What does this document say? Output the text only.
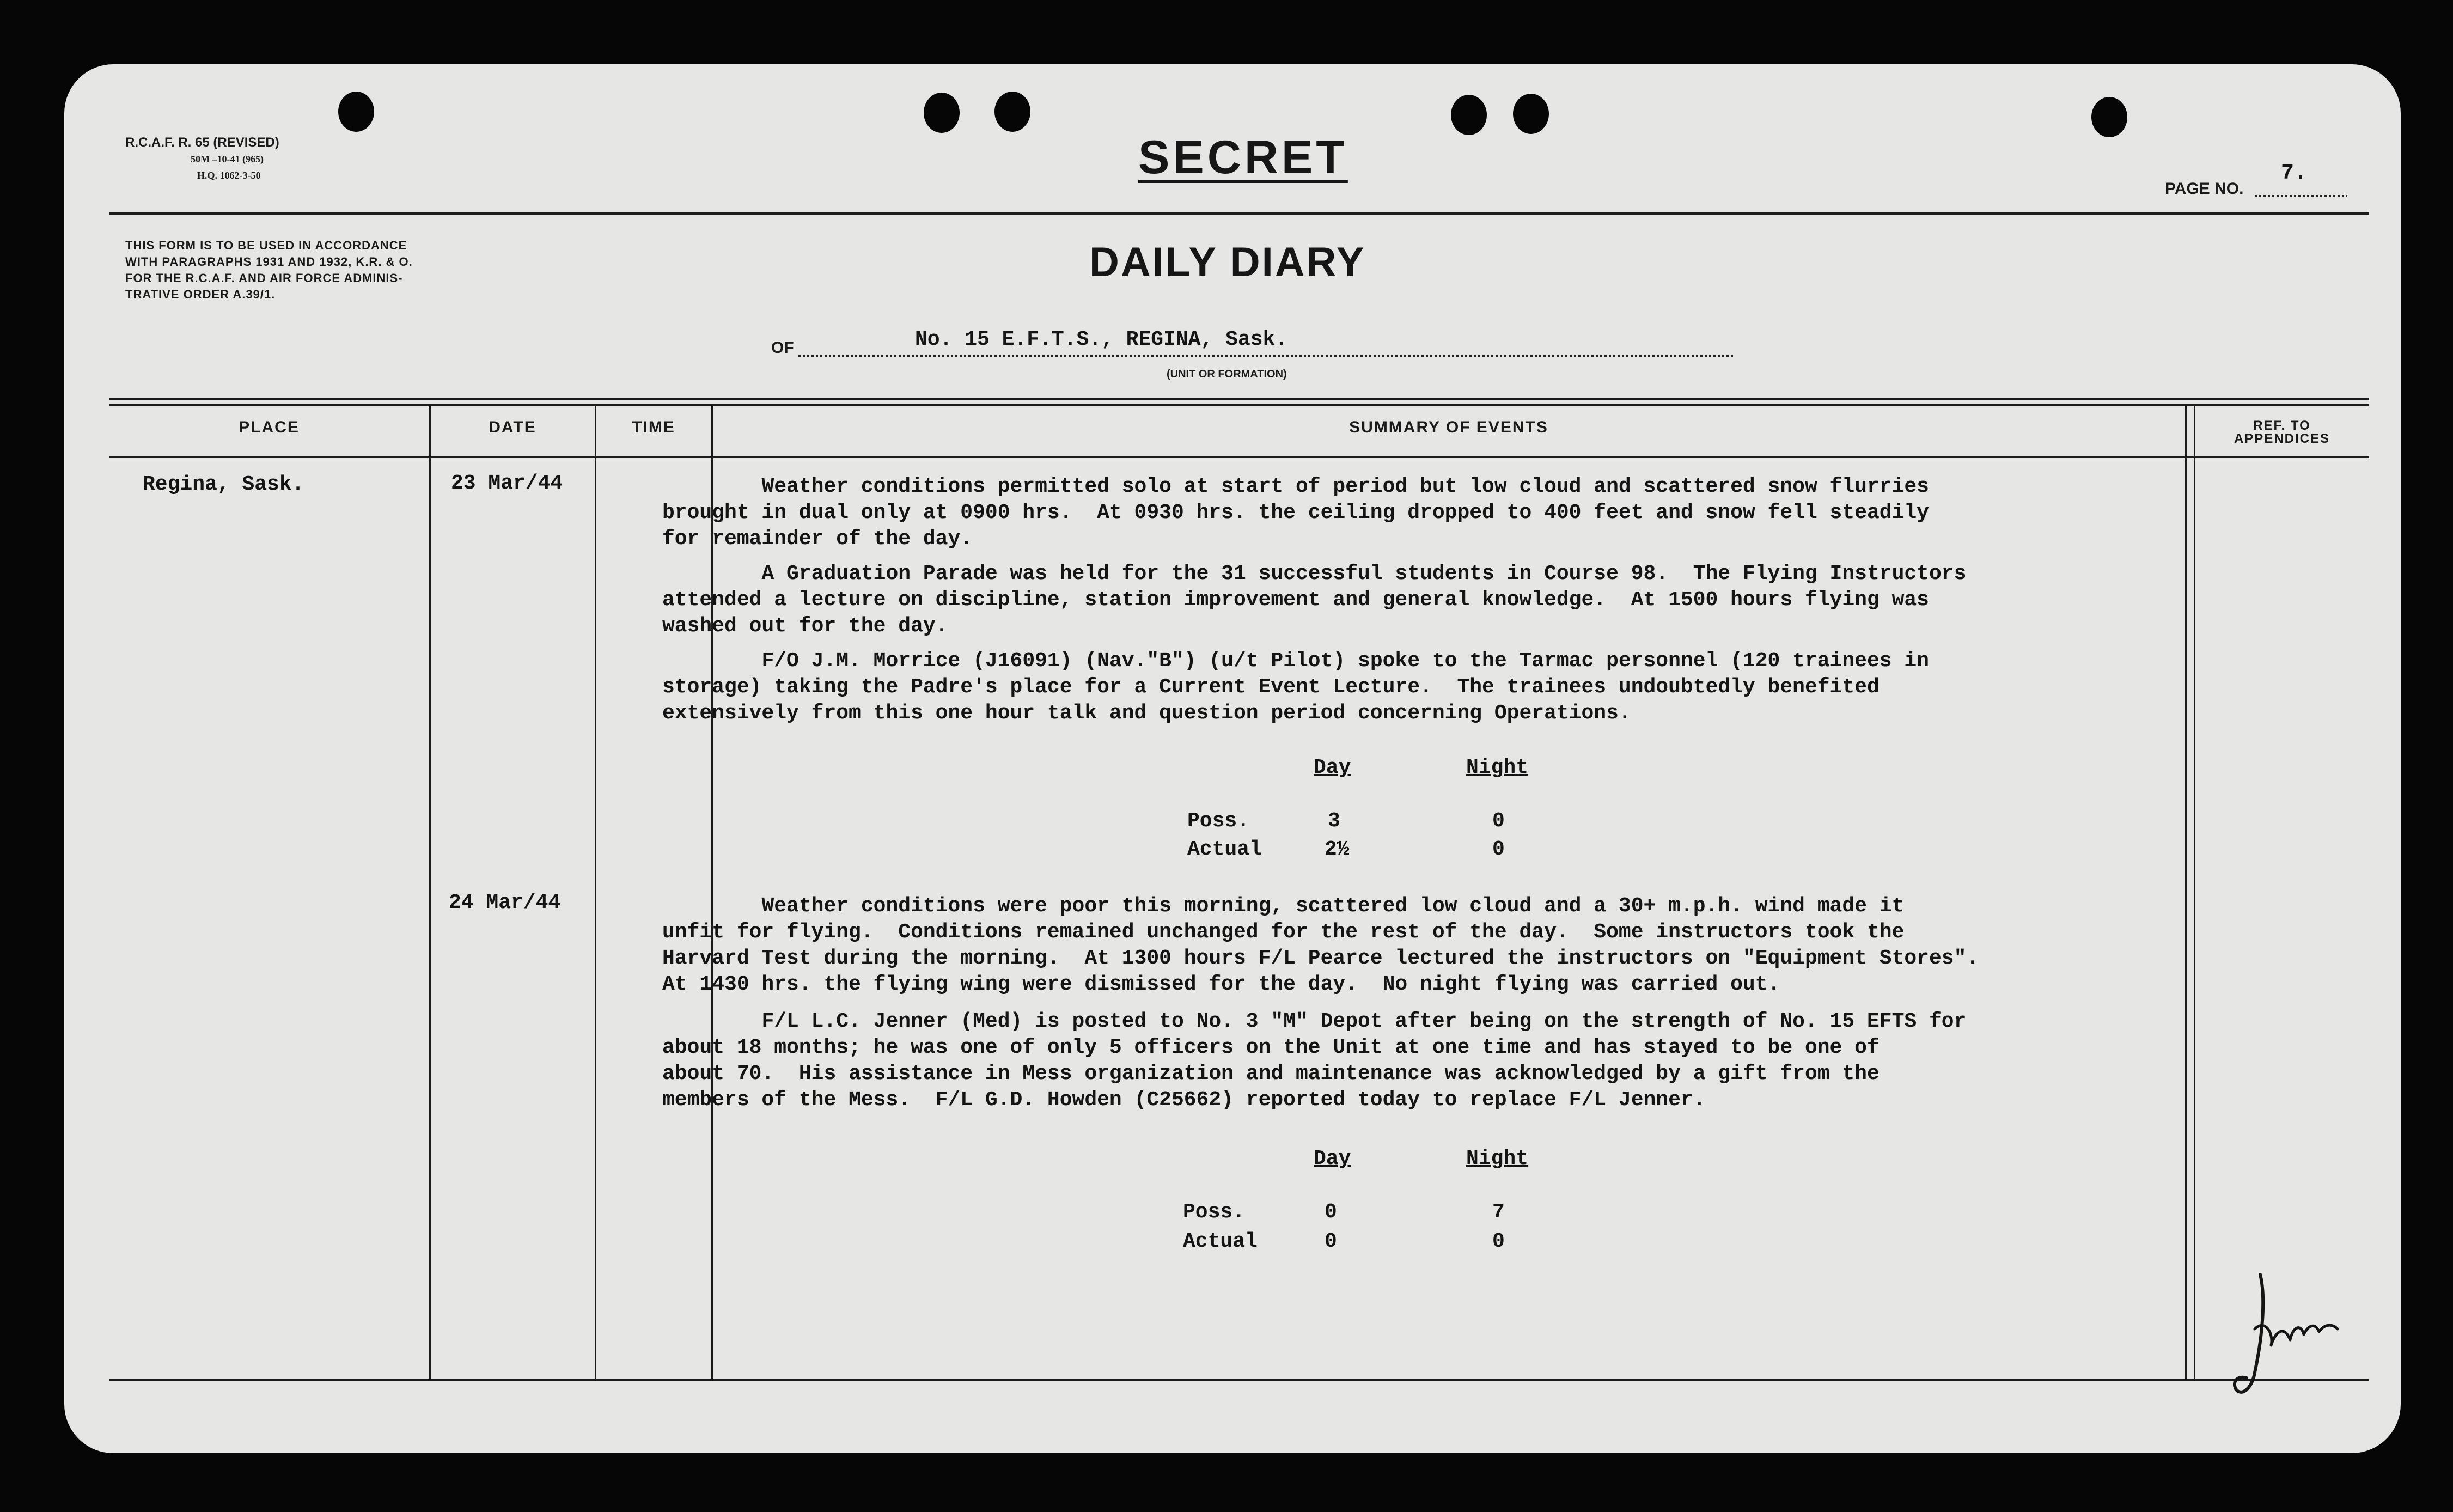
R.C.A.F. R. 65 (REVISED)
50M –10-41 (965)
H.Q. 1062-3-50	SECRET
PAGE NO.
7.
THIS FORM IS TO BE USED IN ACCORDANCE
WITH PARAGRAPHS 1931 AND 1932, K.R. & O.
FOR THE R.C.A.F. AND AIR FORCE ADMINIS-
TRATIVE ORDER A.39/1.
DAILY DIARY
OF	No. 15 E.F.T.S., REGINA, Sask.
(UNIT OR FORMATION)
PLACE	DATE	TIME	SUMMARY OF EVENTS	REF. TO
APPENDICES
Regina, Sask.	23 Mar/44	Weather conditions permitted solo at start of period but low cloud and scattered snow flurries
brought in dual only at 0900 hrs.  At 0930 hrs. the ceiling dropped to 400 feet and snow fell steadily
for remainder of the day.
A Graduation Parade was held for the 31 successful students in Course 98.  The Flying Instructors
attended a lecture on discipline, station improvement and general knowledge.  At 1500 hours flying was
washed out for the day.
F/O J.M. Morrice (J16091) (Nav."B") (u/t Pilot) spoke to the Tarmac personnel (120 trainees in
storage) taking the Padre's place for a Current Event Lecture.  The trainees undoubtedly benefited
extensively from this one hour talk and question period concerning Operations.
Day	Night
Poss.	3	0
Actual	2½	0
24 Mar/44	Weather conditions were poor this morning, scattered low cloud and a 30+ m.p.h. wind made it
unfit for flying.  Conditions remained unchanged for the rest of the day.  Some instructors took the
Harvard Test during the morning.  At 1300 hours F/L Pearce lectured the instructors on "Equipment Stores".
At 1430 hrs. the flying wing were dismissed for the day.  No night flying was carried out.
F/L L.C. Jenner (Med) is posted to No. 3 "M" Depot after being on the strength of No. 15 EFTS for
about 18 months; he was one of only 5 officers on the Unit at one time and has stayed to be one of
about 70.  His assistance in Mess organization and maintenance was acknowledged by a gift from the
members of the Mess.  F/L G.D. Howden (C25662) reported today to replace F/L Jenner.
Day	Night
Poss.	0	7
Actual	0	0
